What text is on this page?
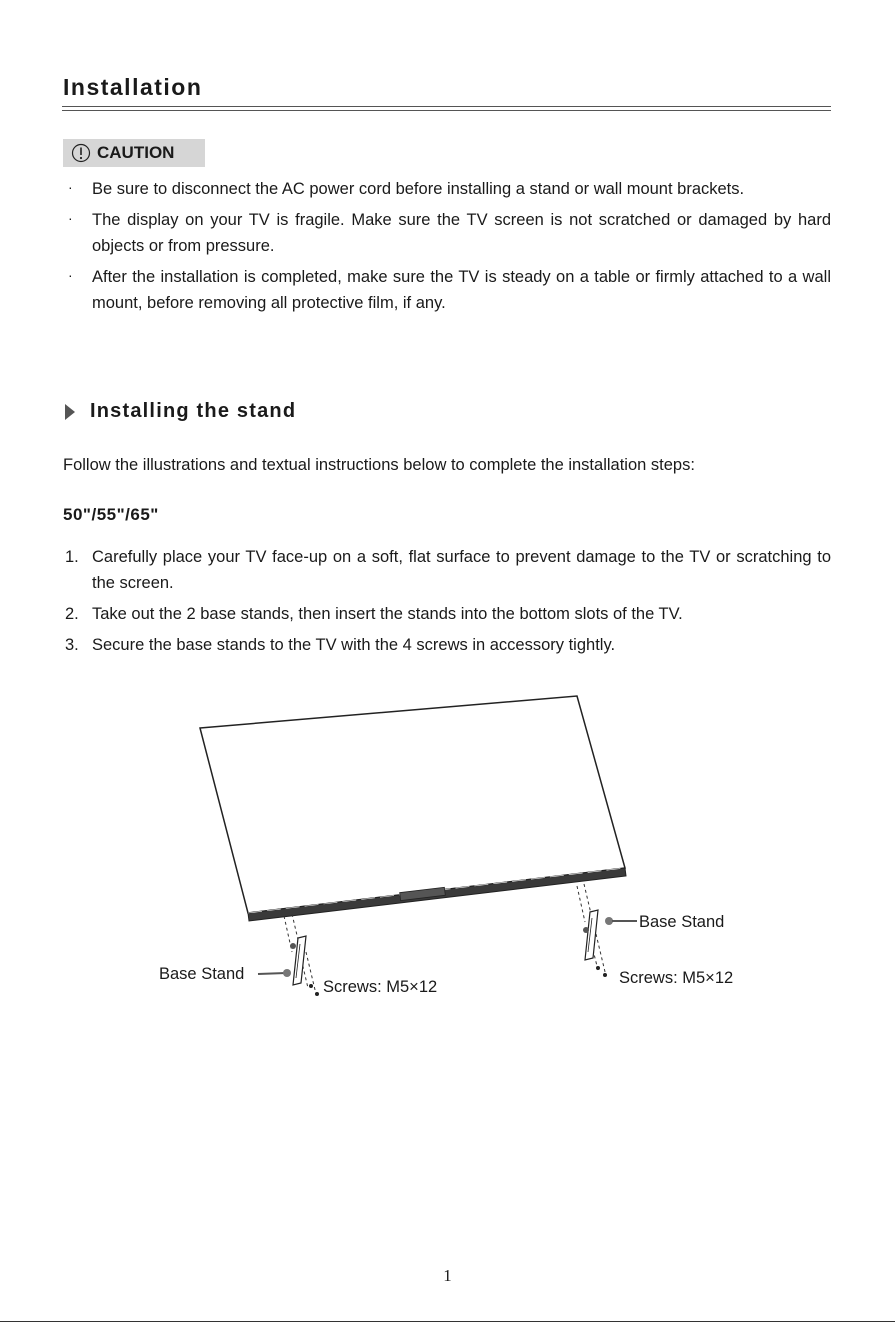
Installation
CAUTION
· Be sure to disconnect the AC power cord before installing a stand or wall mount brackets.
· The display on your TV is fragile. Make sure the TV screen is not scratched or damaged by hard objects or from pressure.
· After the installation is completed, make sure the TV is steady on a table or firmly attached to a wall mount, before removing all protective film, if any.
Installing the stand

Follow the illustrations and textual instructions below to complete the installation steps:

50"/55"/65"

1. Carefully place your TV face-up on a soft, flat surface to prevent damage to the TV or scratching to the screen.
2. Take out the 2 base stands, then insert the stands into the bottom slots of the TV.
3. Secure the base stands to the TV with the 4 screws in accessory tightly.
Base Stand
Screws: M5×12
Base Stand
Screws: M5×12

1
